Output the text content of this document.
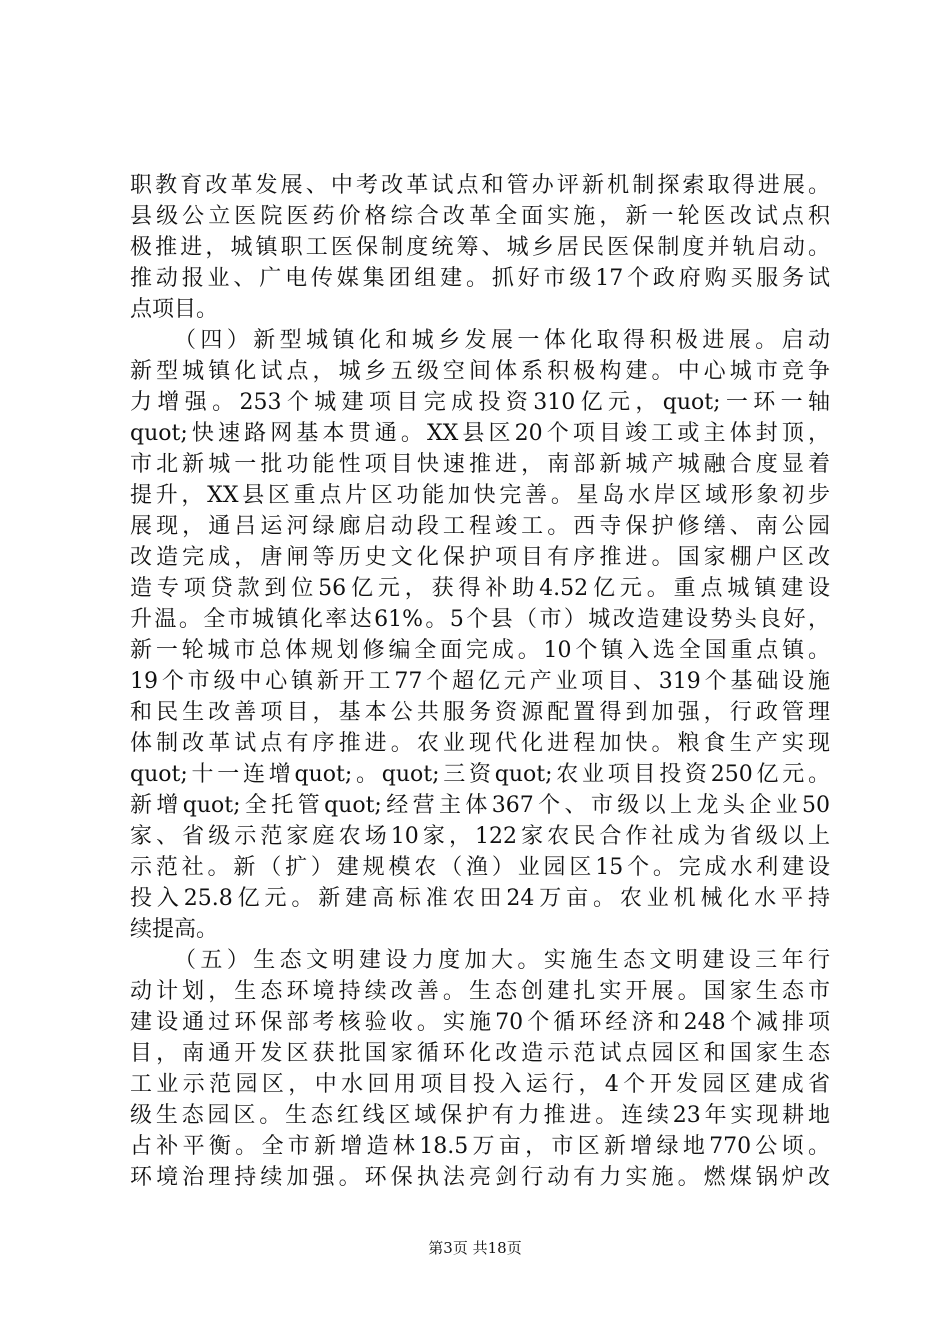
职教育改革发展、中考改革试点和管办评新机制探索取得进展。
县级公立医院医药价格综合改革全面实施，新一轮医改试点积
极推进，城镇职工医保制度统筹、城乡居民医保制度并轨启动。
推动报业、广电传媒集团组建。抓好市级17个政府购买服务试
点项目。
（四）新型城镇化和城乡发展一体化取得积极进展。启动
新型城镇化试点，城乡五级空间体系积极构建。中心城市竞争
力增强。253个城建项目完成投资310亿元，quot;一环一轴
quot;快速路网基本贯通。XX县区20个项目竣工或主体封顶，
市北新城一批功能性项目快速推进，南部新城产城融合度显着
提升，XX县区重点片区功能加快完善。星岛水岸区域形象初步
展现，通吕运河绿廊启动段工程竣工。西寺保护修缮、南公园
改造完成，唐闸等历史文化保护项目有序推进。国家棚户区改
造专项贷款到位56亿元，获得补助4.52亿元。重点城镇建设
升温。全市城镇化率达61%。5个县（市）城改造建设势头良好，
新一轮城市总体规划修编全面完成。10个镇入选全国重点镇。
19个市级中心镇新开工77个超亿元产业项目、319个基础设施
和民生改善项目，基本公共服务资源配置得到加强，行政管理
体制改革试点有序推进。农业现代化进程加快。粮食生产实现
quot;十一连增quot;。quot;三资quot;农业项目投资250亿元。
新增quot;全托管quot;经营主体367个、市级以上龙头企业50
家、省级示范家庭农场10家，122家农民合作社成为省级以上
示范社。新（扩）建规模农（渔）业园区15个。完成水利建设
投入25.8亿元。新建高标准农田24万亩。农业机械化水平持
续提高。
（五）生态文明建设力度加大。实施生态文明建设三年行
动计划，生态环境持续改善。生态创建扎实开展。国家生态市
建设通过环保部考核验收。实施70个循环经济和248个减排项
目，南通开发区获批国家循环化改造示范试点园区和国家生态
工业示范园区，中水回用项目投入运行，4个开发园区建成省
级生态园区。生态红线区域保护有力推进。连续23年实现耕地
占补平衡。全市新增造林18.5万亩，市区新增绿地770公顷。
环境治理持续加强。环保执法亮剑行动有力实施。燃煤锅炉改
第3页 共18页
